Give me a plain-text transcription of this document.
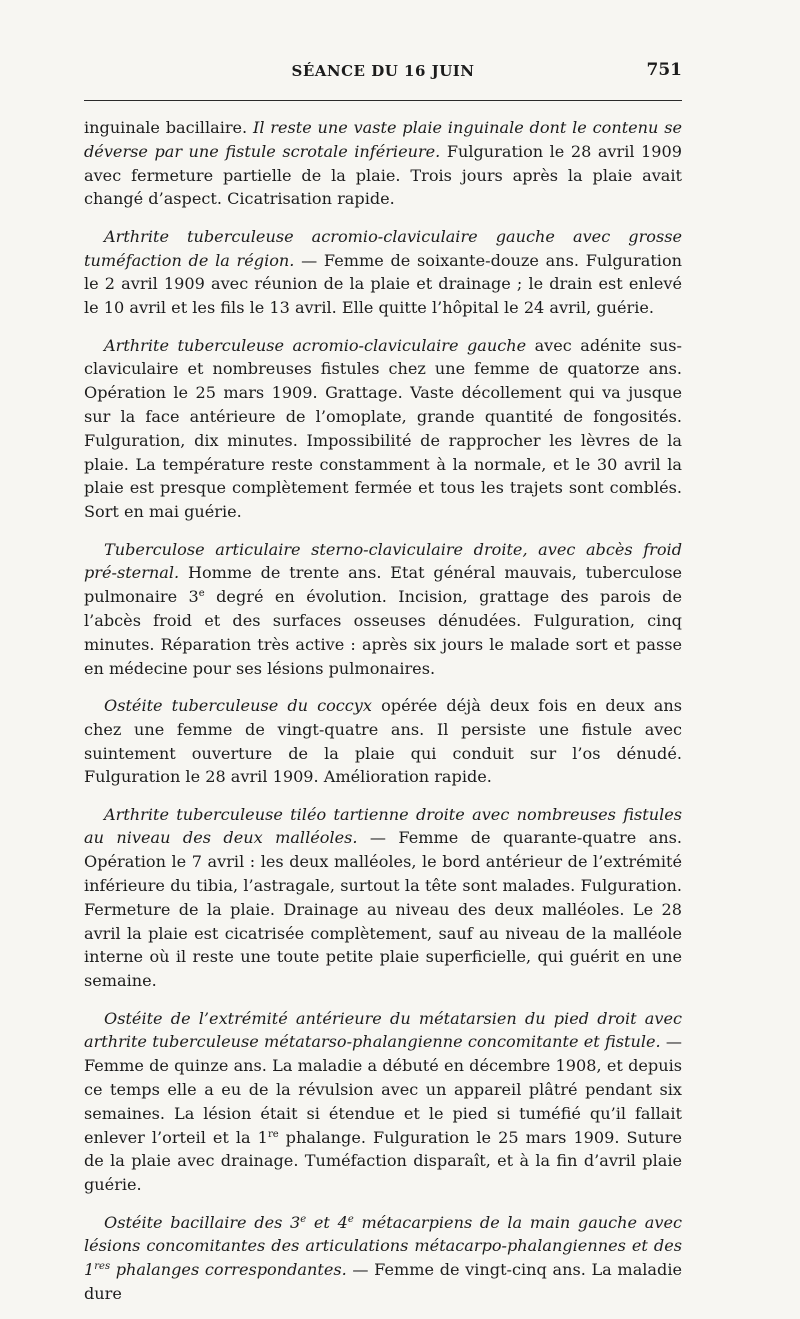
SÉANCE DU 16 JUIN	751

inguinale bacillaire. Il reste une vaste plaie inguinale dont le contenu se déverse par une fistule scrotale inférieure. Fulguration le 28 avril 1909 avec fermeture partielle de la plaie. Trois jours après la plaie avait changé d’aspect. Cicatrisation rapide.

Arthrite tuberculeuse acromio-claviculaire gauche avec grosse tuméfaction de la région. — Femme de soixante-douze ans. Fulguration le 2 avril 1909 avec réunion de la plaie et drainage ; le drain est enlevé le 10 avril et les fils le 13 avril. Elle quitte l’hôpital le 24 avril, guérie.

Arthrite tuberculeuse acromio-claviculaire gauche avec adénite sus-claviculaire et nombreuses fistules chez une femme de quatorze ans. Opération le 25 mars 1909. Grattage. Vaste décollement qui va jusque sur la face antérieure de l’omoplate, grande quantité de fongosités. Fulguration, dix minutes. Impossibilité de rapprocher les lèvres de la plaie. La température reste constamment à la normale, et le 30 avril la plaie est presque complètement fermée et tous les trajets sont comblés. Sort en mai guérie.

Tuberculose articulaire sterno-claviculaire droite, avec abcès froid pré-sternal. Homme de trente ans. Etat général mauvais, tuberculose pulmonaire 3e degré en évolution. Incision, grattage des parois de l’abcès froid et des surfaces osseuses dénudées. Fulguration, cinq minutes. Réparation très active : après six jours le malade sort et passe en médecine pour ses lésions pulmonaires.

Ostéite tuberculeuse du coccyx opérée déjà deux fois en deux ans chez une femme de vingt-quatre ans. Il persiste une fistule avec suintement ouverture de la plaie qui conduit sur l’os dénudé. Fulguration le 28 avril 1909. Amélioration rapide.

Arthrite tuberculeuse tiléo tartienne droite avec nombreuses fistules au niveau des deux malléoles. — Femme de quarante-quatre ans. Opération le 7 avril : les deux malléoles, le bord antérieur de l’extrémité inférieure du tibia, l’astragale, surtout la tête sont malades. Fulguration. Fermeture de la plaie. Drainage au niveau des deux malléoles. Le 28 avril la plaie est cicatrisée complètement, sauf au niveau de la malléole interne où il reste une toute petite plaie superficielle, qui guérit en une semaine.

Ostéite de l’extrémité antérieure du métatarsien du pied droit avec arthrite tuberculeuse métatarso-phalangienne concomitante et fistule. — Femme de quinze ans. La maladie a débuté en décembre 1908, et depuis ce temps elle a eu de la révulsion avec un appareil plâtré pendant six semaines. La lésion était si étendue et le pied si tuméfié qu’il fallait enlever l’orteil et la 1re phalange. Fulguration le 25 mars 1909. Suture de la plaie avec drainage. Tuméfaction disparaît, et à la fin d’avril plaie guérie.

Ostéite bacillaire des 3e et 4e métacarpiens de la main gauche avec lésions concomitantes des articulations métacarpo-phalangiennes et des 1res phalanges correspondantes. — Femme de vingt-cinq ans. La maladie dure
